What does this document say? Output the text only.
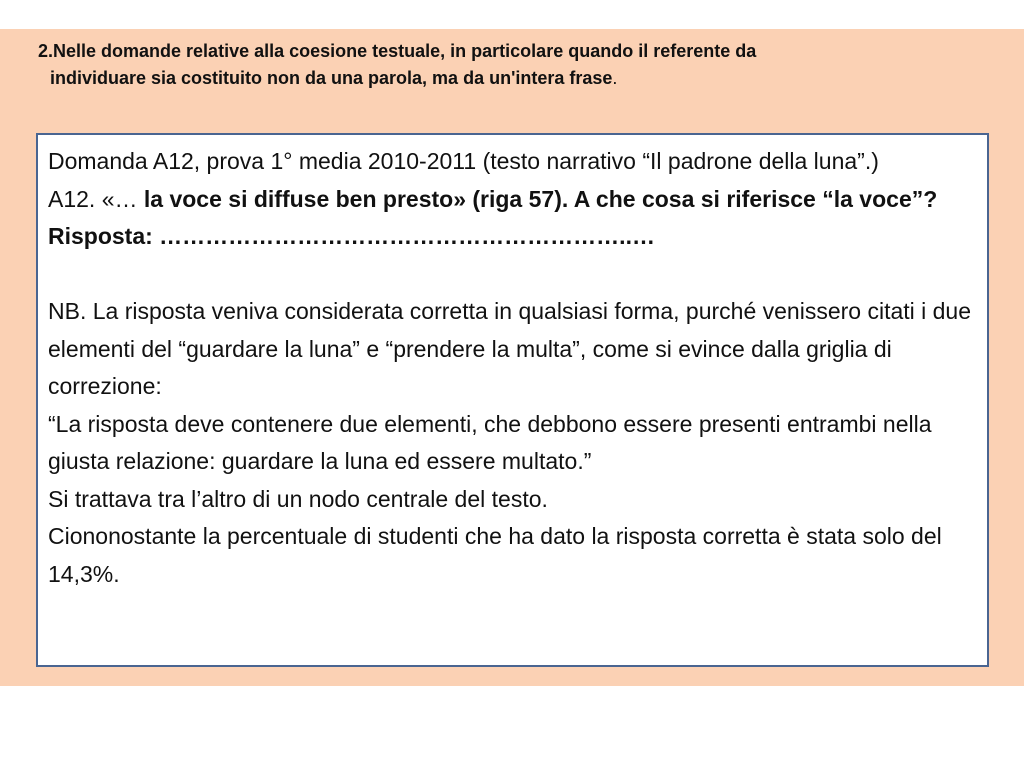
2.Nelle domande relative alla coesione testuale, in particolare quando il referente da
individuare sia costituito non da una parola, ma da un'intera frase.

Domanda A12, prova 1° media 2010-2011 (testo narrativo “Il padrone della luna”.)

A12. «… la voce si diffuse ben presto» (riga 57). A che cosa si riferisce “la voce”?

Risposta: ……………………………………………………..…

NB. La risposta veniva considerata corretta in qualsiasi forma, purché venissero citati i due elementi del “guardare la luna” e “prendere la multa”, come si evince dalla griglia di correzione:

“La risposta deve contenere due elementi, che debbono essere presenti entrambi nella giusta relazione: guardare la luna ed essere multato.”

Si trattava tra l’altro di un nodo centrale del testo.

Ciononostante la percentuale di studenti che ha dato la risposta corretta è stata solo del 14,3%.
